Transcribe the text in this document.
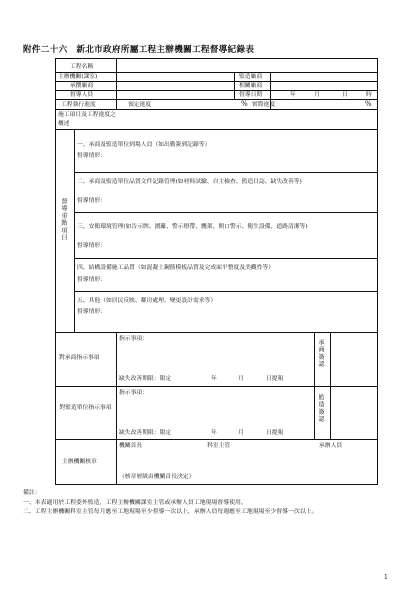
附件二十六　新北市政府所屬工程主辦機關工程督導紀錄表
工程名稱
主辦機關(課室)	監造廠商
承攬廠商	相關廠商
督導人員	督導日期	年	月	日	時
工程執行進度	預定進度	% 實際進度	%
施工項目及工程進度之概述
督導重點項目
一、承商及監造單位到場人員（如出勤簽到記錄等）
督導情形：
二、承商及監造單位品質文件記錄管理(如材料試驗、自主檢查、監造日誌、缺失改善等)
督導情形：
三、安衛環境管理(如告示牌、圍籬、警示燈帶、鷹架、開口警示、衛生設備、道路清潔等)
督導情形：
四、結構設備施工品質（如混凝土鋼筋模板品質及完成面平整度及美觀性等）
督導情形：
五、其他（如居民反映、鄰房處理、變更設計需求等）
督導情形：
對承商指示事項
指示事項：
缺失改善期限：限定	年	月	日提報
承商簽認
對監造單位指示事項
指示事項：
缺失改善期限：限定	年	月	日提報
監造簽認
主辦機關核章
機關首長	科室主管	承辦人員
（核章層級由機關首長決定）
備註：
一、本表適用於工程委外監造，工程主辦機關課室主管或承辦人員工地現場督導使用。
二、工程主辦機關科室主管每月應至工地現場至少督導一次以上，承辦人員每週應至工地現場至少督導一次以上。
1
